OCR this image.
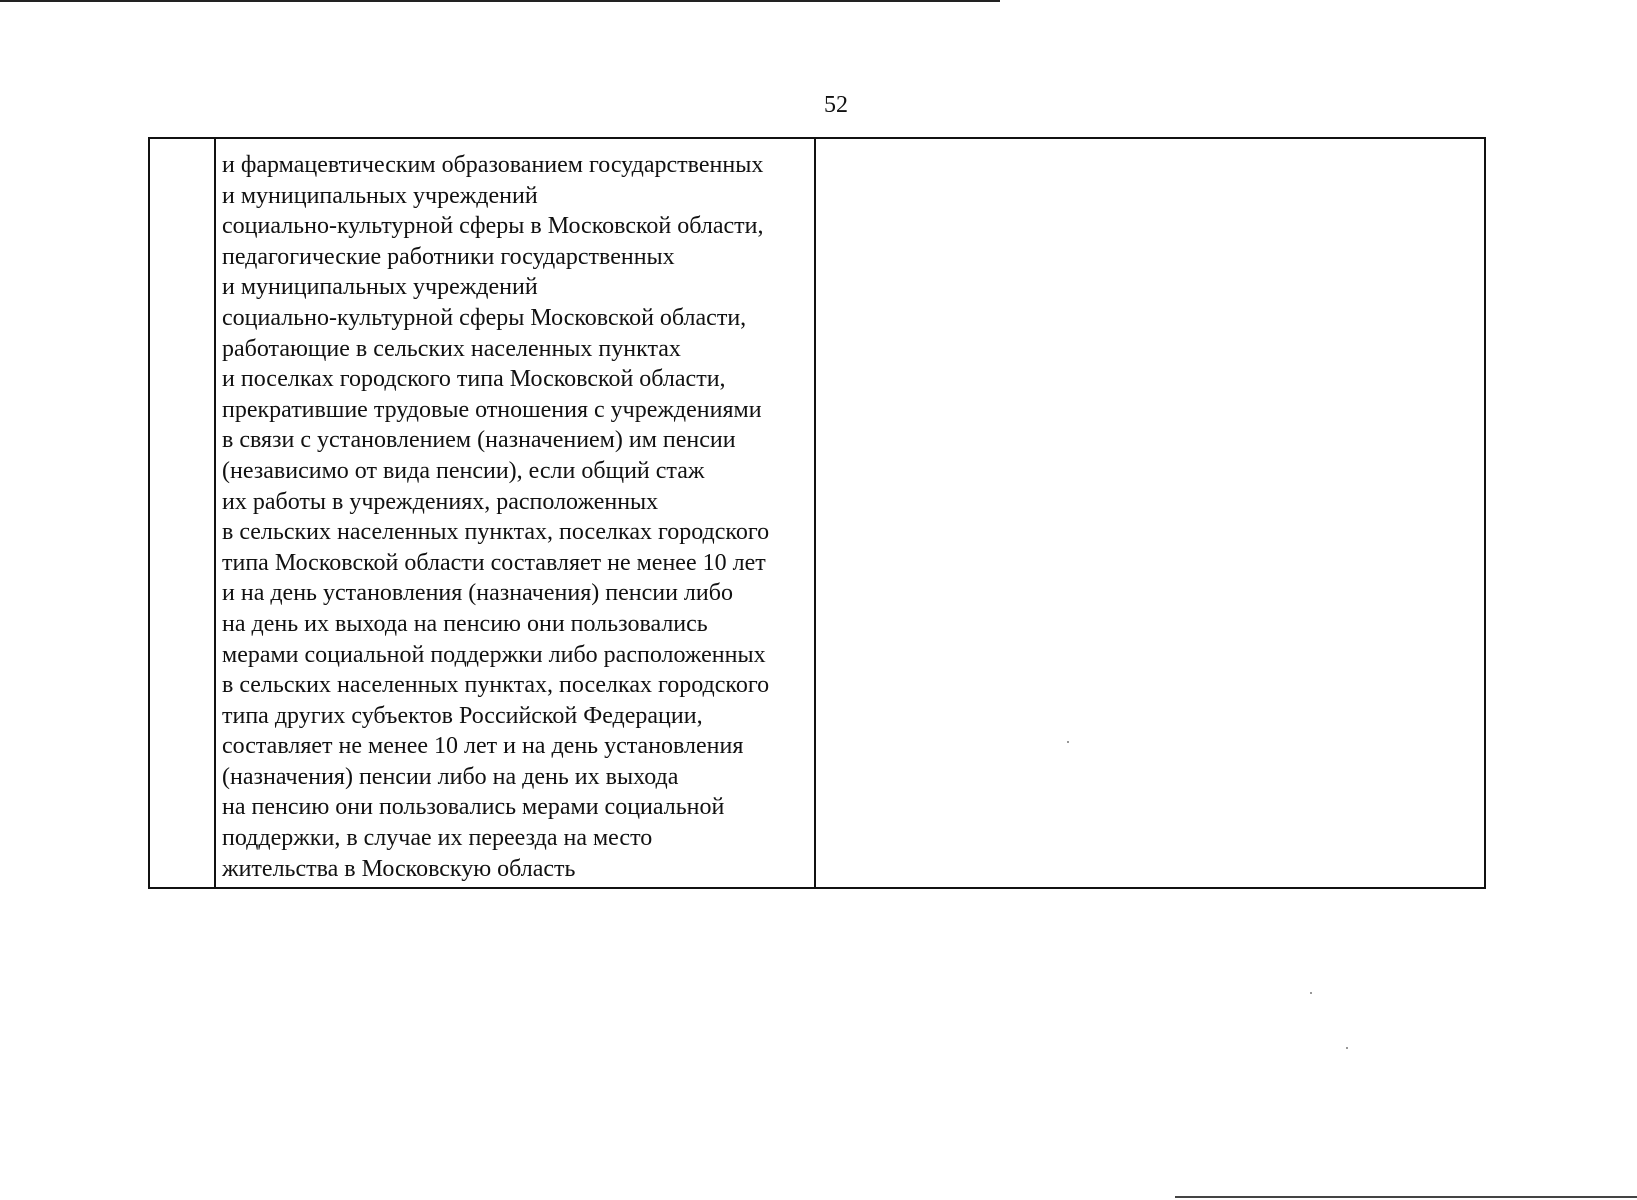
52
и фармацевтическим образованием государственных
и муниципальных учреждений
социально-культурной сферы в Московской области,
педагогические работники государственных
и муниципальных учреждений
социально-культурной сферы Московской области,
работающие в сельских населенных пунктах
и поселках городского типа Московской области,
прекратившие трудовые отношения с учреждениями
в связи с установлением (назначением) им пенсии
(независимо от вида пенсии), если общий стаж
их работы в учреждениях, расположенных
в сельских населенных пунктах, поселках городского
типа Московской области составляет не менее 10 лет
и на день установления (назначения) пенсии либо
на день их выхода на пенсию они пользовались
мерами социальной поддержки либо расположенных
в сельских населенных пунктах, поселках городского
типа других субъектов Российской Федерации,
составляет не менее 10 лет и на день установления
(назначения) пенсии либо на день их выхода
на пенсию они пользовались мерами социальной
поддержки, в случае их переезда на место
жительства в Московскую область
